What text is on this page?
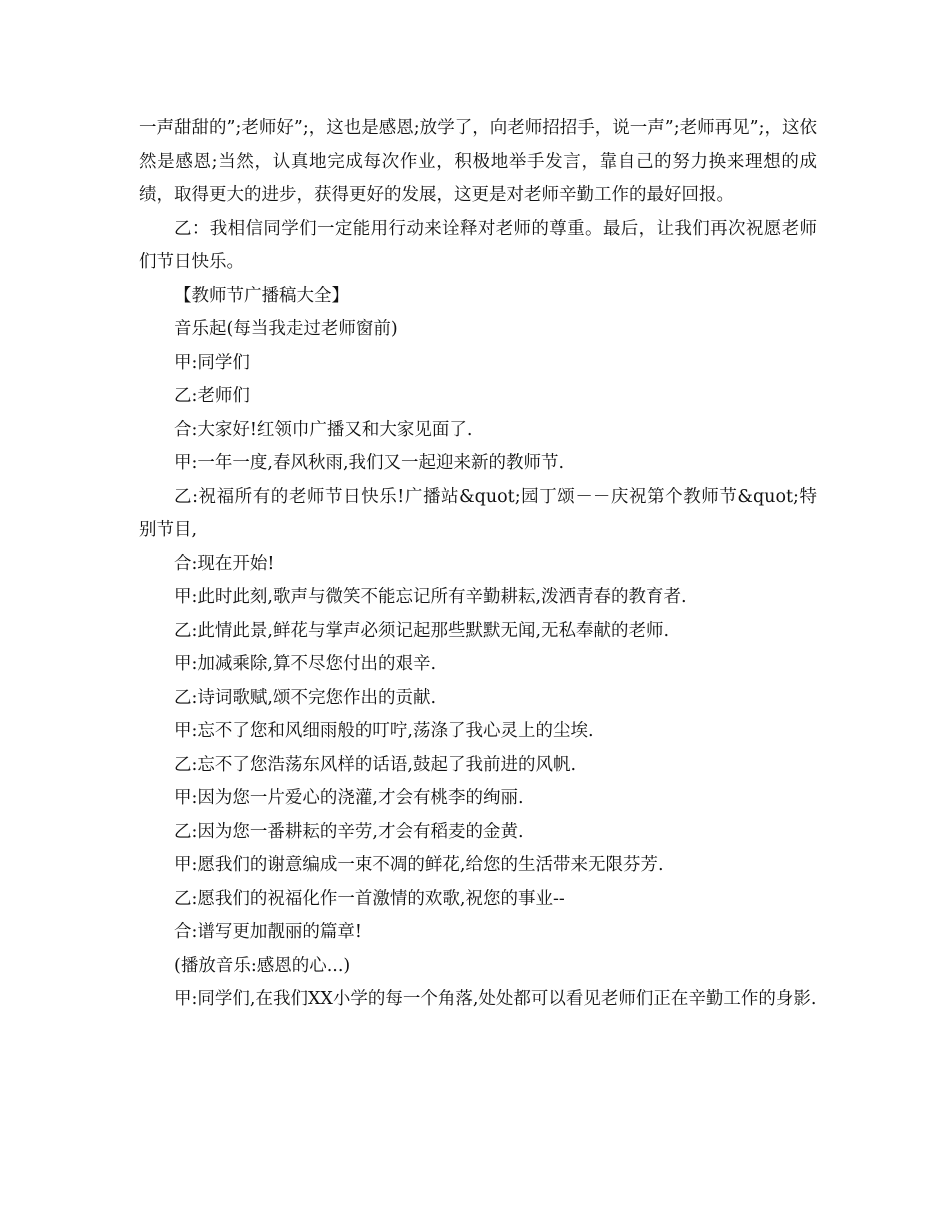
一声甜甜的”;老师好”;，这也是感恩;放学了，向老师招招手，说一声”;老师再见”;，这依然是感恩;当然，认真地完成每次作业，积极地举手发言，靠自己的努力换来理想的成绩，取得更大的进步，获得更好的发展，这更是对老师辛勤工作的最好回报。

乙：我相信同学们一定能用行动来诠释对老师的尊重。最后，让我们再次祝愿老师们节日快乐。

【教师节广播稿大全】

音乐起(每当我走过老师窗前)

甲:同学们

乙:老师们

合:大家好!红领巾广播又和大家见面了.

甲:一年一度,春风秋雨,我们又一起迎来新的教师节.

乙:祝福所有的老师节日快乐!广播站&quot;园丁颂－－庆祝第个教师节&quot;特别节目,

合:现在开始!

甲:此时此刻,歌声与微笑不能忘记所有辛勤耕耘,泼洒青春的教育者.

乙:此情此景,鲜花与掌声必须记起那些默默无闻,无私奉献的老师.

甲:加减乘除,算不尽您付出的艰辛.

乙:诗词歌赋,颂不完您作出的贡献.

甲:忘不了您和风细雨般的叮咛,荡涤了我心灵上的尘埃.

乙:忘不了您浩荡东风样的话语,鼓起了我前进的风帆.

甲:因为您一片爱心的浇灌,才会有桃李的绚丽.

乙:因为您一番耕耘的辛劳,才会有稻麦的金黄.

甲:愿我们的谢意编成一束不凋的鲜花,给您的生活带来无限芬芳.

乙:愿我们的祝福化作一首激情的欢歌,祝您的事业--

合:谱写更加靓丽的篇章!

(播放音乐:感恩的心...)

甲:同学们,在我们XX小学的每一个角落,处处都可以看见老师们正在辛勤工作的身影.
